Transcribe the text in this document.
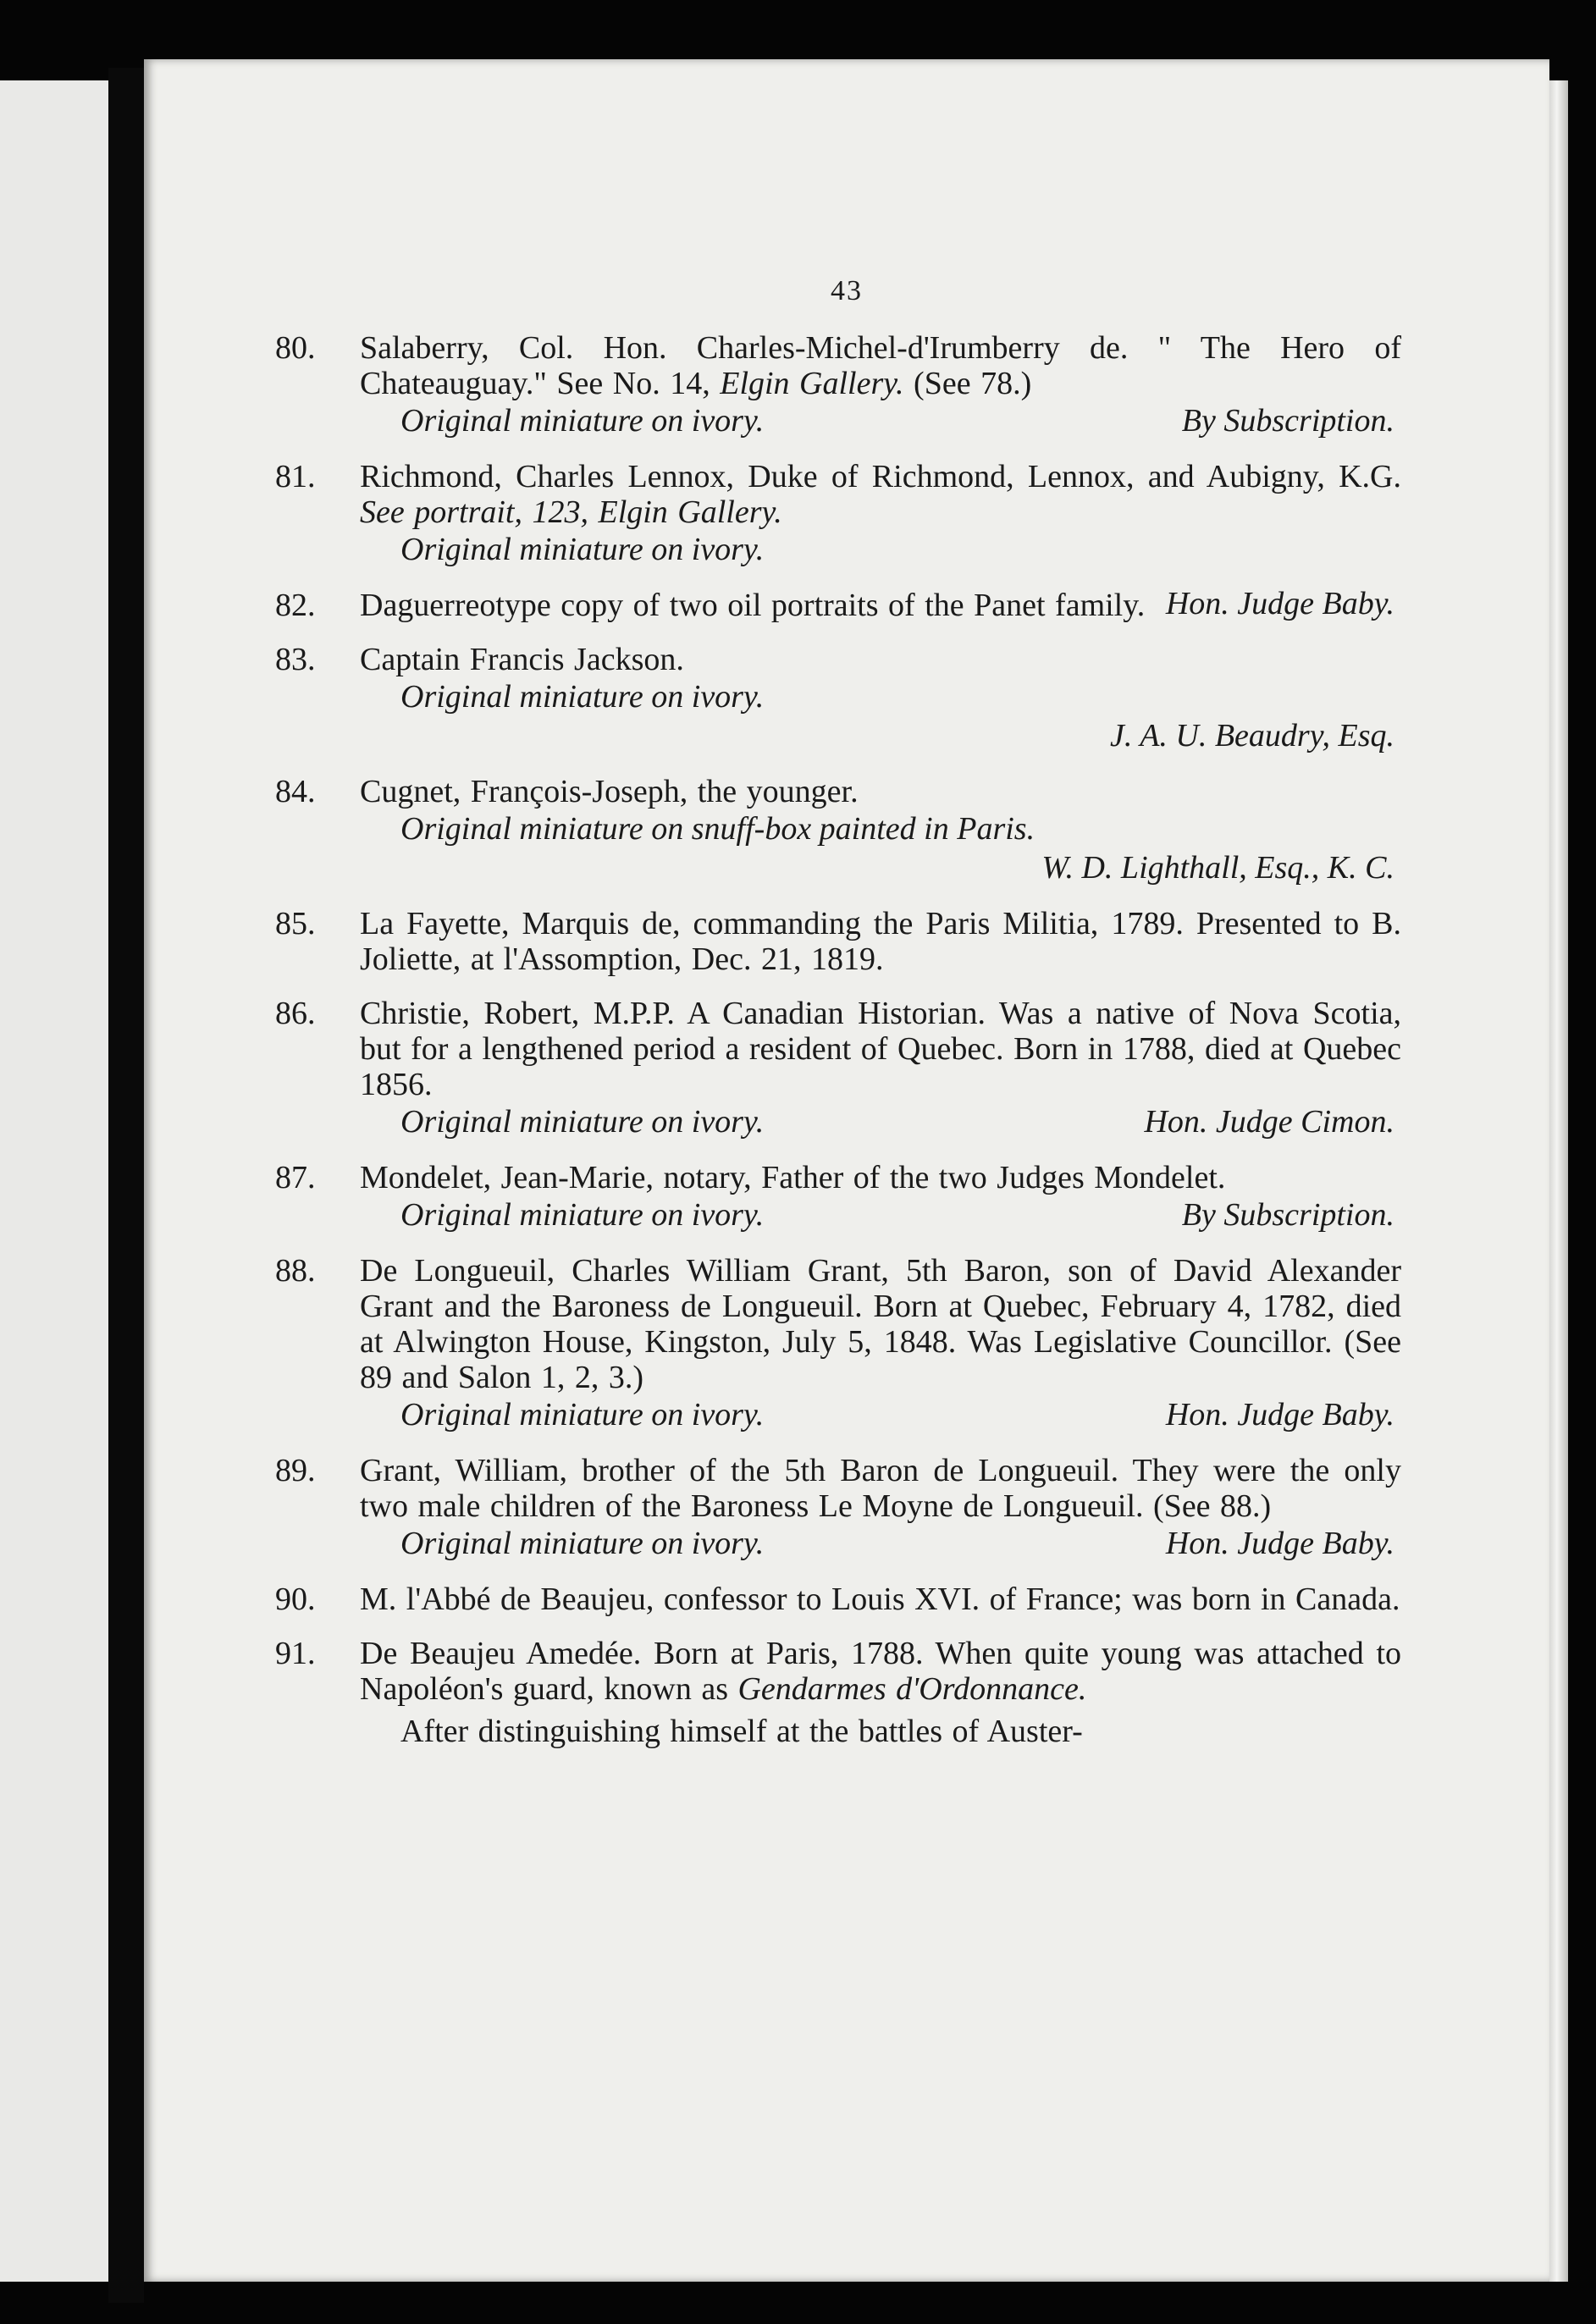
43
80. Salaberry, Col. Hon. Charles-Michel-d'Irumberry de. " The Hero of Chateauguay." See No. 14, Elgin Gallery. (See 78.)
Original miniature on ivory.	By Subscription.
81. Richmond, Charles Lennox, Duke of Richmond, Lennox, and Aubigny, K.G. See portrait, 123, Elgin Gallery.
Original miniature on ivory.
82. Daguerreotype copy of two oil portraits of the Panet family. Hon. Judge Baby.
83. Captain Francis Jackson.
Original miniature on ivory.
J. A. U. Beaudry, Esq.
84. Cugnet, François-Joseph, the younger.
Original miniature on snuff-box painted in Paris.
W. D. Lighthall, Esq., K. C.
85. La Fayette, Marquis de, commanding the Paris Militia, 1789. Presented to B. Joliette, at l'Assomption, Dec. 21, 1819.
86. Christie, Robert, M.P.P. A Canadian Historian. Was a native of Nova Scotia, but for a lengthened period a resident of Quebec. Born in 1788, died at Quebec 1856.
Original miniature on ivory.	Hon. Judge Cimon.
87. Mondelet, Jean-Marie, notary, Father of the two Judges Mondelet.
Original miniature on ivory.	By Subscription.
88. De Longueuil, Charles William Grant, 5th Baron, son of David Alexander Grant and the Baroness de Longueuil. Born at Quebec, February 4, 1782, died at Alwington House, Kingston, July 5, 1848. Was Legislative Councillor. (See 89 and Salon 1, 2, 3.)
Original miniature on ivory.	Hon. Judge Baby.
89. Grant, William, brother of the 5th Baron de Longueuil. They were the only two male children of the Baroness Le Moyne de Longueuil. (See 88.)
Original miniature on ivory.	Hon. Judge Baby.
90. M. l'Abbé de Beaujeu, confessor to Louis XVI. of France; was born in Canada.
91. De Beaujeu Amedée. Born at Paris, 1788. When quite young was attached to Napoléon's guard, known as Gendarmes d'Ordonnance.
After distinguishing himself at the battles of Auster-
